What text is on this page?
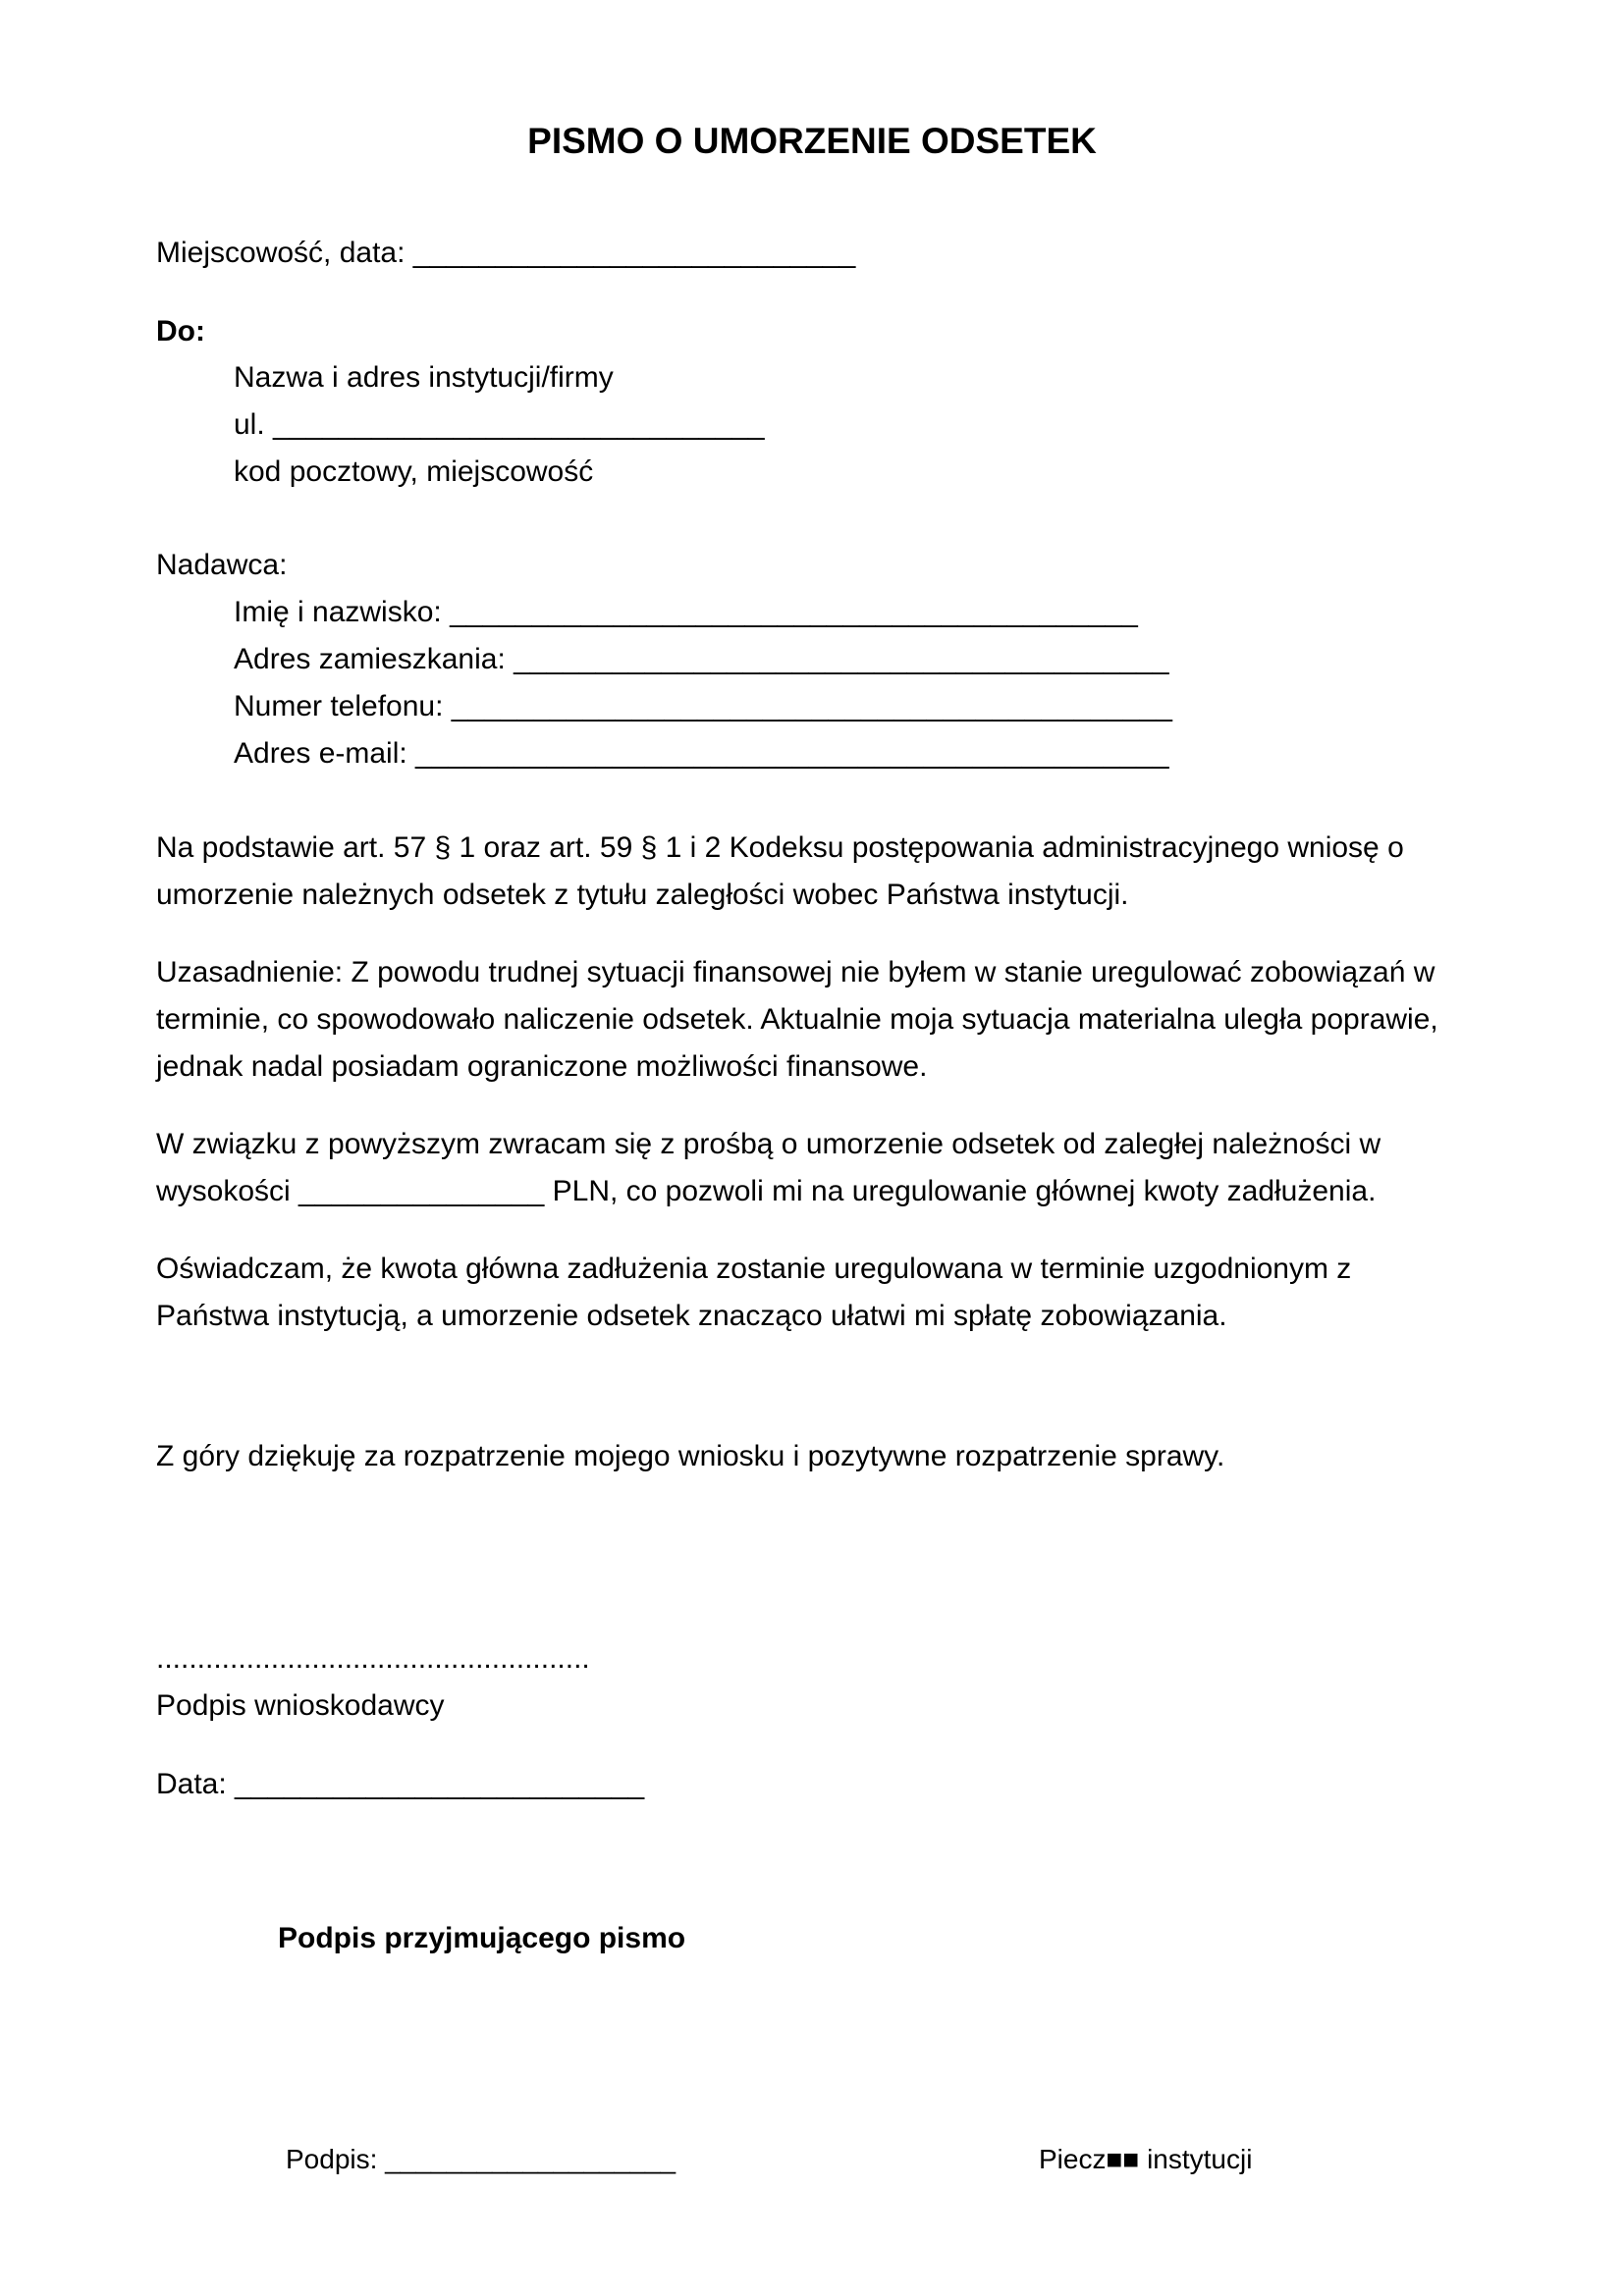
PISMO O UMORZENIE ODSETEK
Miejscowość, data: ___________________________
Do:
Nazwa i adres instytucji/firmy
ul. ______________________________
kod pocztowy, miejscowość
Nadawca:
Imię i nazwisko: __________________________________________
Adres zamieszkania: ________________________________________
Numer telefonu: ____________________________________________
Adres e-mail: ______________________________________________
Na podstawie art. 57 § 1 oraz art. 59 § 1 i 2 Kodeksu postępowania administracyjnego wniosę o
umorzenie należnych odsetek z tytułu zaległości wobec Państwa instytucji.
Uzasadnienie: Z powodu trudnej sytuacji finansowej nie byłem w stanie uregulować zobowiązań w
terminie, co spowodowało naliczenie odsetek. Aktualnie moja sytuacja materialna uległa poprawie,
jednak nadal posiadam ograniczone możliwości finansowe.
W związku z powyższym zwracam się z prośbą o umorzenie odsetek od zaległej należności w
wysokości _______________ PLN, co pozwoli mi na uregulowanie głównej kwoty zadłużenia.
Oświadczam, że kwota główna zadłużenia zostanie uregulowana w terminie uzgodnionym z
Państwa instytucją, a umorzenie odsetek znacząco ułatwi mi spłatę zobowiązania.
Z góry dziękuję za rozpatrzenie mojego wniosku i pozytywne rozpatrzenie sprawy.
.....................................................
Podpis wnioskodawcy
Data: _________________________
Podpis przyjmującego pismo
Podpis: ___________________	Piecz■■ instytucji
